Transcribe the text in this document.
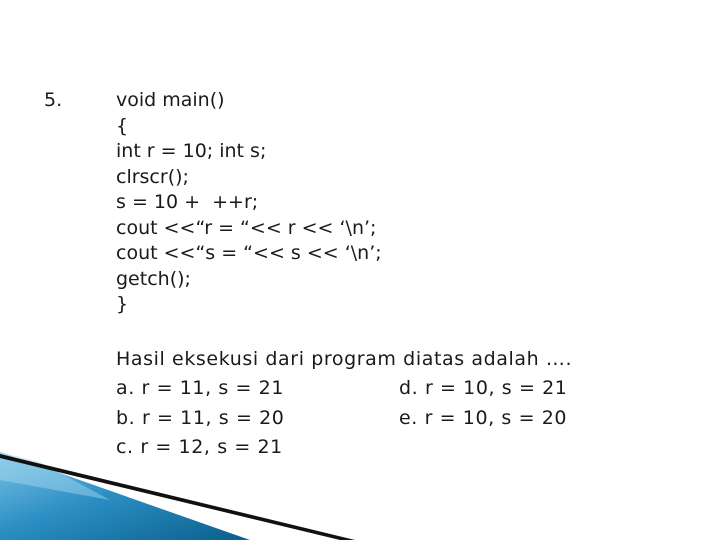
5.	void main()
{
int r = 10; int s;
clrscr();
s = 10 +  ++r;
cout <<“r = “<< r << ‘\n’;
cout <<“s = “<< s << ‘\n’;
getch();
}
Hasil eksekusi dari program diatas adalah ….

a. r = 11, s = 21

	d. r = 10, s = 21

b. r = 11, s = 20

	e. r = 10, s = 20

c. r = 12, s = 21
